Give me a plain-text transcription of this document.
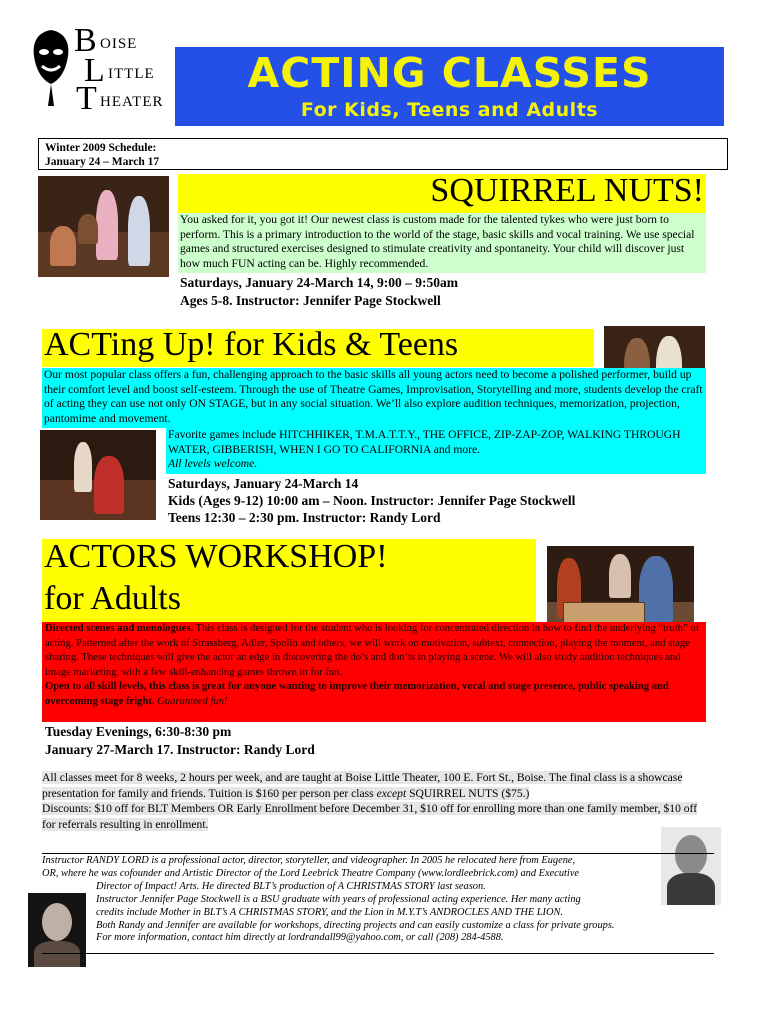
B OISE
L ITTLE
T HEATER
ACTING CLASSES
For Kids, Teens and Adults
Winter 2009 Schedule:
January 24 – March 17
SQUIRREL NUTS!
You asked for it, you got it! Our newest class is custom made for the talented tykes who were just born to perform. This is a primary introduction to the world of the stage, basic skills and vocal training. We use special games and structured exercises designed to stimulate creativity and spontaneity. Your child will discover just how much FUN acting can be. Highly recommended.
Saturdays, January 24-March 14, 9:00 – 9:50am
Ages 5-8. Instructor: Jennifer Page Stockwell
ACTing Up! for Kids & Teens
Our most popular class offers a fun, challenging approach to the basic skills all young actors need to become a polished performer, build up their comfort level and boost self-esteem. Through the use of Theatre Games, Improvisation, Storytelling and more, students develop the craft of acting they can use not only ON STAGE, but in any social situation. We’ll also explore audition techniques, memorization, projection, pantomime and movement.
Favorite games include HITCHHIKER, T.M.A.T.T.Y., THE OFFICE, ZIP-ZAP-ZOP, WALKING THROUGH WATER, GIBBERISH, WHEN I GO TO CALIFORNIA and more.
All levels welcome.
Saturdays, January 24-March 14
Kids (Ages 9-12) 10:00 am – Noon. Instructor: Jennifer Page Stockwell
Teens 12:30 – 2:30 pm. Instructor: Randy Lord
ACTORS WORKSHOP!
for Adults
Directed scenes and monologues. This class is designed for the student who is looking for concentrated direction in how to find the underlying “truth” of acting. Patterned after the work of Strassberg, Adler, Spolin and others, we will work on motivation, subtext, connection, playing the moment, and stage sharing. These techniques will give the actor an edge in discovering the do’s and don’ts in playing a scene. We will also study audition techniques and image marketing, with a few skill-enhancing games thrown in for fun.
Open to all skill levels, this class is great for anyone wanting to improve their memorization, vocal and stage presence, public speaking and overcoming stage fright. Guaranteed fun!
Tuesday Evenings, 6:30-8:30 pm
January 27-March 17. Instructor: Randy Lord
All classes meet for 8 weeks, 2 hours per week, and are taught at Boise Little Theater, 100 E. Fort St., Boise. The final class is a showcase presentation for family and friends. Tuition is $160 per person per class except SQUIRREL NUTS ($75.)
Discounts: $10 off for BLT Members OR Early Enrollment before December 31, $10 off for enrolling more than one family member, $10 off for referrals resulting in enrollment.
Instructor RANDY LORD is a professional actor, director, storyteller, and videographer. In 2005 he relocated here from Eugene,
OR, where he was cofounder and Artistic Director of the Lord Leebrick Theatre Company (www.lordleebrick.com) and Executive
Director of Impact! Arts. He directed BLT’s production of A CHRISTMAS STORY last season.
Instructor Jennifer Page Stockwell is a BSU graduate with years of professional acting experience. Her many acting
credits include Mother in BLT’s A CHRISTMAS STORY, and the Lion in M.Y.T’s ANDROCLES AND THE LION.
Both Randy and Jennifer are available for workshops, directing projects and can easily customize a class for private groups.
For more information, contact him directly at lordrandall99@yahoo.com, or call (208) 284-4588.
